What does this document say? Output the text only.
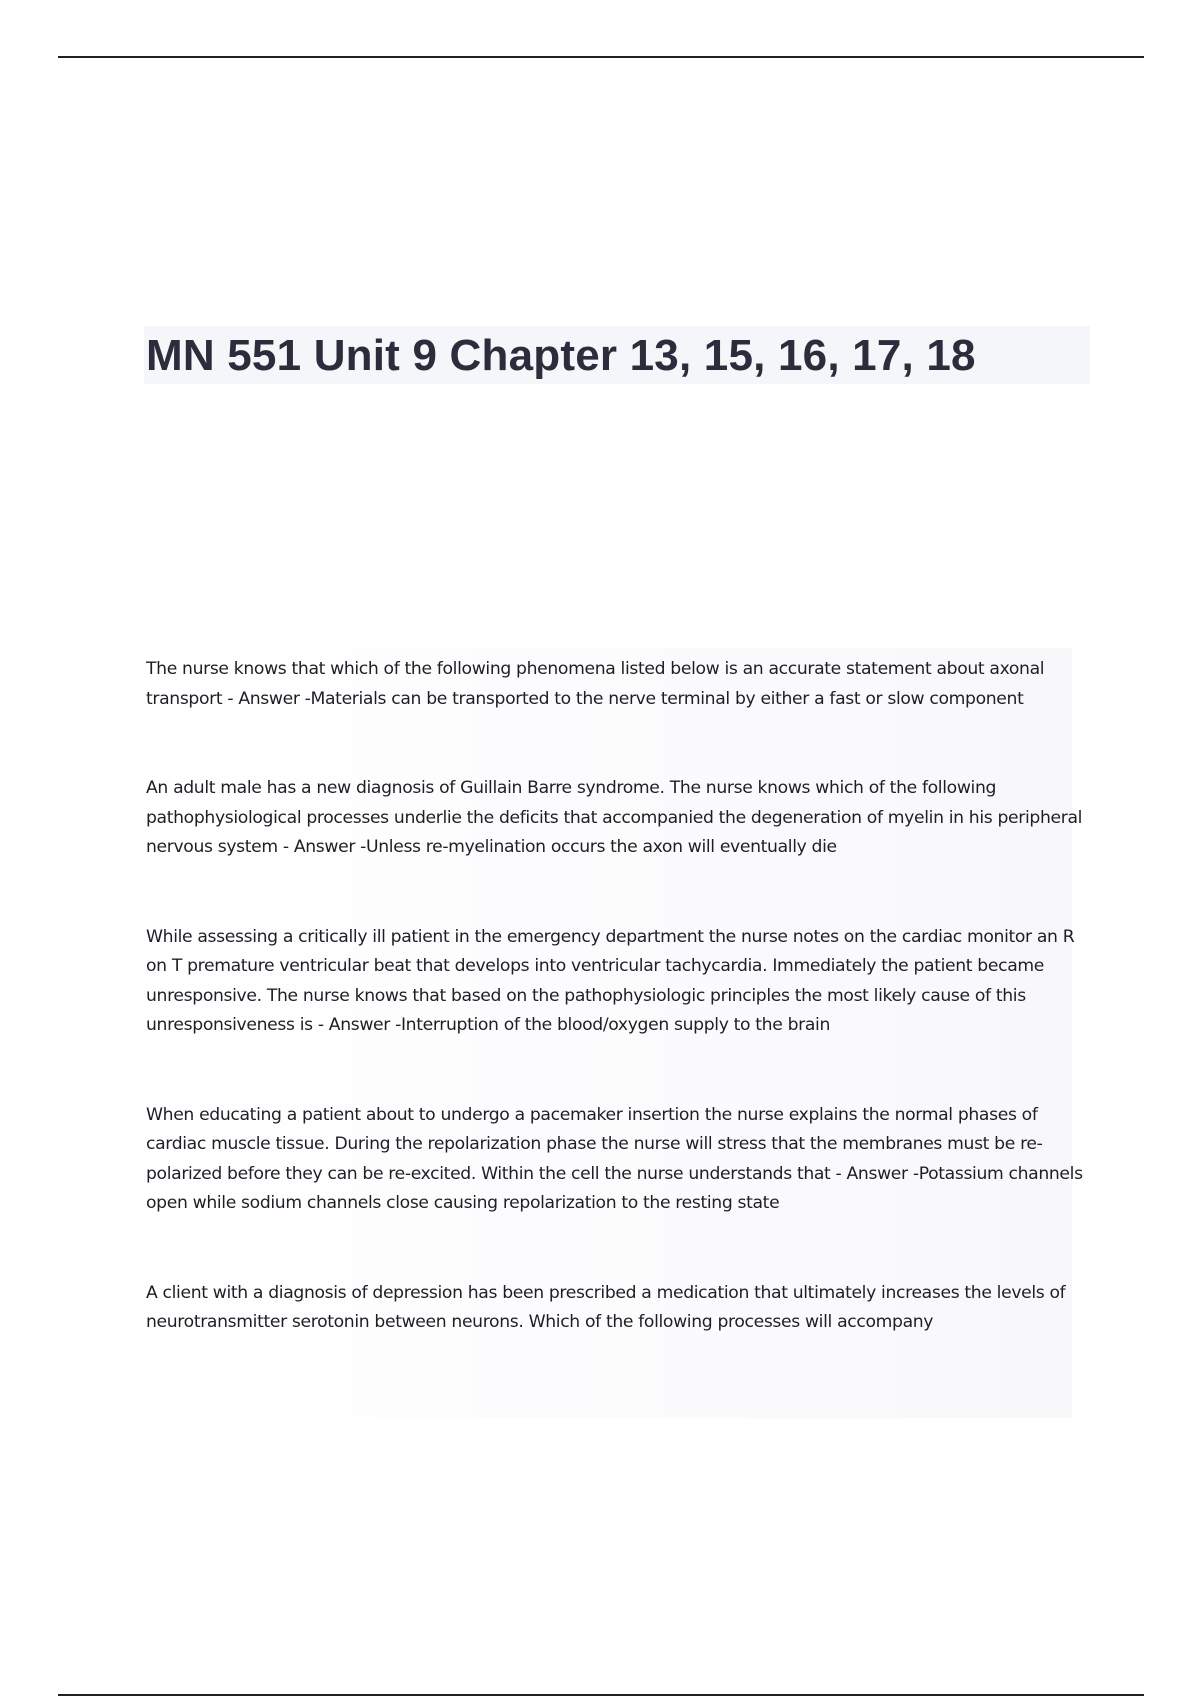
MN 551 Unit 9 Chapter 13, 15, 16, 17, 18
The nurse knows that which of the following phenomena listed below is an accurate statement about axonal transport - Answer -Materials can be transported to the nerve terminal by either a fast or slow component
An adult male has a new diagnosis of Guillain Barre syndrome. The nurse knows which of the following pathophysiological processes underlie the deficits that accompanied the degeneration of myelin in his peripheral nervous system - Answer -Unless re-myelination occurs the axon will eventually die
While assessing a critically ill patient in the emergency department the nurse notes on the cardiac monitor an R on T premature ventricular beat that develops into ventricular tachycardia. Immediately the patient became unresponsive. The nurse knows that based on the pathophysiologic principles the most likely cause of this unresponsiveness is - Answer -Interruption of the blood/oxygen supply to the brain
When educating a patient about to undergo a pacemaker insertion the nurse explains the normal phases of cardiac muscle tissue. During the repolarization phase the nurse will stress that the membranes must be re-polarized before they can be re-excited. Within the cell the nurse understands that - Answer -Potassium channels open while sodium channels close causing repolarization to the resting state
A client with a diagnosis of depression has been prescribed a medication that ultimately increases the levels of neurotransmitter serotonin between neurons. Which of the following processes will accompany
